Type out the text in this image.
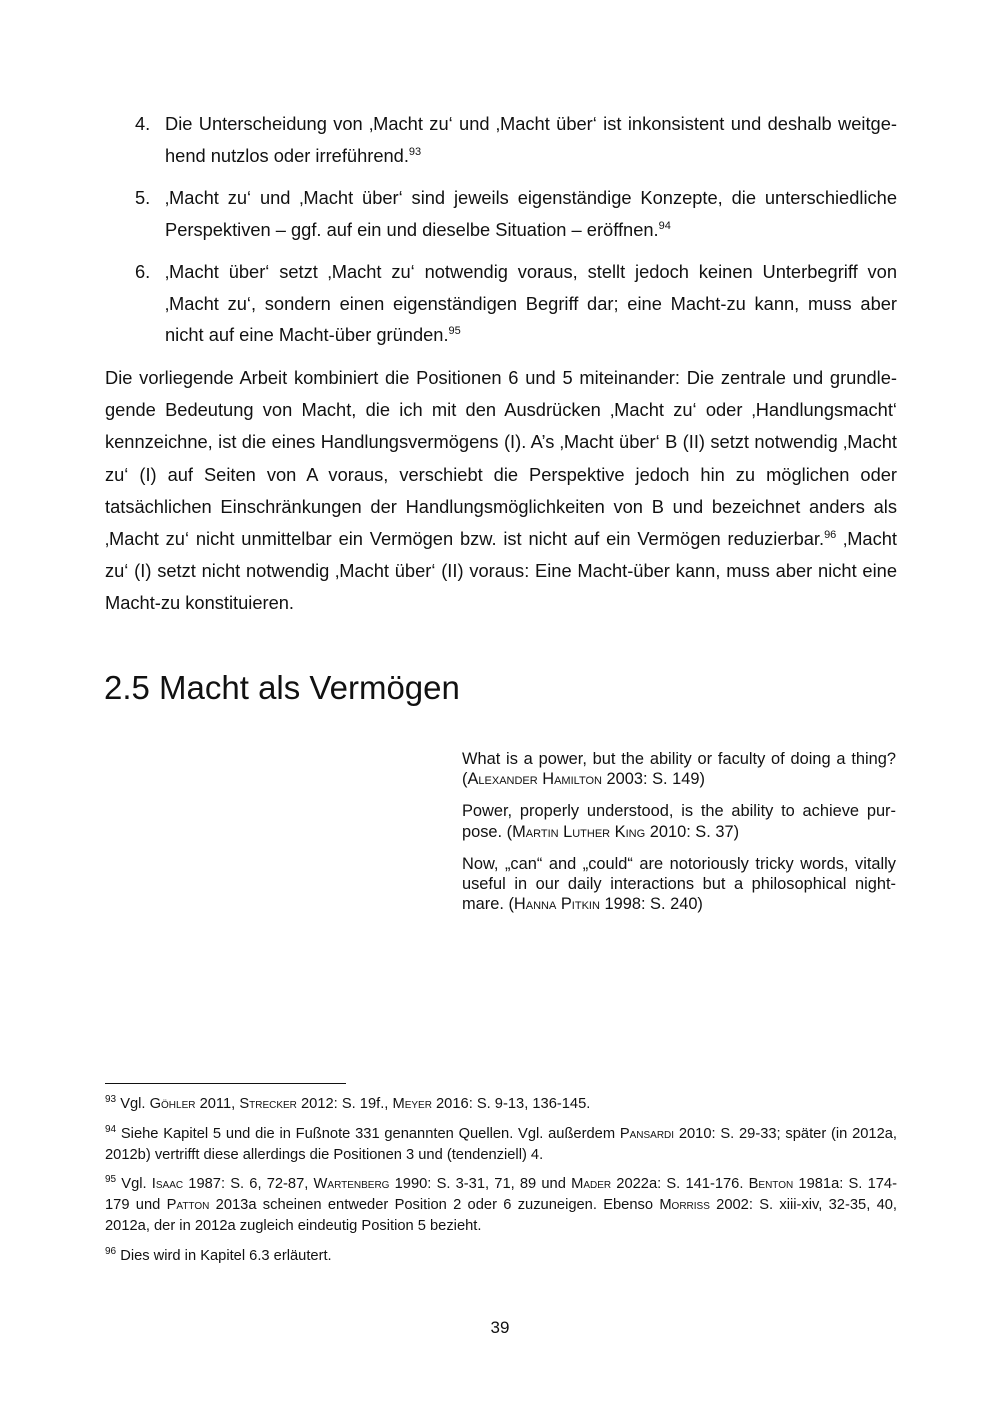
4. Die Unterscheidung von ‚Macht zu‘ und ‚Macht über‘ ist inkonsistent und deshalb weitgehend nutzlos oder irreführend.$^{93}$
5. ‚Macht zu‘ und ‚Macht über‘ sind jeweils eigenständige Konzepte, die unterschiedliche Perspektiven – ggf. auf ein und dieselbe Situation – eröffnen.$^{94}$
6. ‚Macht über‘ setzt ‚Macht zu‘ notwendig voraus, stellt jedoch keinen Unterbegriff von ‚Macht zu‘, sondern einen eigenständigen Begriff dar; eine Macht-zu kann, muss aber nicht auf eine Macht-über gründen.$^{95}$

Die vorliegende Arbeit kombiniert die Positionen 6 und 5 miteinander: Die zentrale und grundlegende Bedeutung von Macht, die ich mit den Ausdrücken ‚Macht zu‘ oder ‚Handlungsmacht‘ kennzeichne, ist die eines Handlungsvermögens (I). A’s ‚Macht über‘ B (II) setzt notwendig ‚Macht zu‘ (I) auf Seiten von A voraus, verschiebt die Perspektive jedoch hin zu möglichen oder tatsächlichen Einschränkungen der Handlungsmöglichkeiten von B und bezeichnet anders als ‚Macht zu‘ nicht unmittelbar ein Vermögen bzw. ist nicht auf ein Vermögen reduzierbar.$^{96}$ ‚Macht zu‘ (I) setzt nicht notwendig ‚Macht über‘ (II) voraus: Eine Macht-über kann, muss aber nicht eine Macht-zu konstituieren.

2.5 Macht als Vermögen

What is a power, but the ability or faculty of doing a thing? (Alexander Hamilton 2003: S. 149)

Power, properly understood, is the ability to achieve purpose. (Martin Luther King 2010: S. 37)

Now, „can“ and „could“ are notoriously tricky words, vitally useful in our daily interactions but a philosophical nightmare. (Hanna Pitkin 1998: S. 240)

$^{93}$ Vgl. Göhler 2011, Strecker 2012: S. 19f., Meyer 2016: S. 9-13, 136-145.

$^{94}$ Siehe Kapitel 5 und die in Fußnote 331 genannten Quellen. Vgl. außerdem Pansardi 2010: S. 29-33; später (in 2012a, 2012b) vertrifft diese allerdings die Positionen 3 und (tendenziell) 4.

$^{95}$ Vgl. Isaac 1987: S. 6, 72-87, Wartenberg 1990: S. 3-31, 71, 89 und Mader 2022a: S. 141-176. Benton 1981a: S. 174-179 und Patton 2013a scheinen entweder Position 2 oder 6 zuzuneigen. Ebenso Morriss 2002: S. xiii-xiv, 32-35, 40, 2012a, der in 2012a zugleich eindeutig Position 5 bezieht.

$^{96}$ Dies wird in Kapitel 6.3 erläutert.

39
